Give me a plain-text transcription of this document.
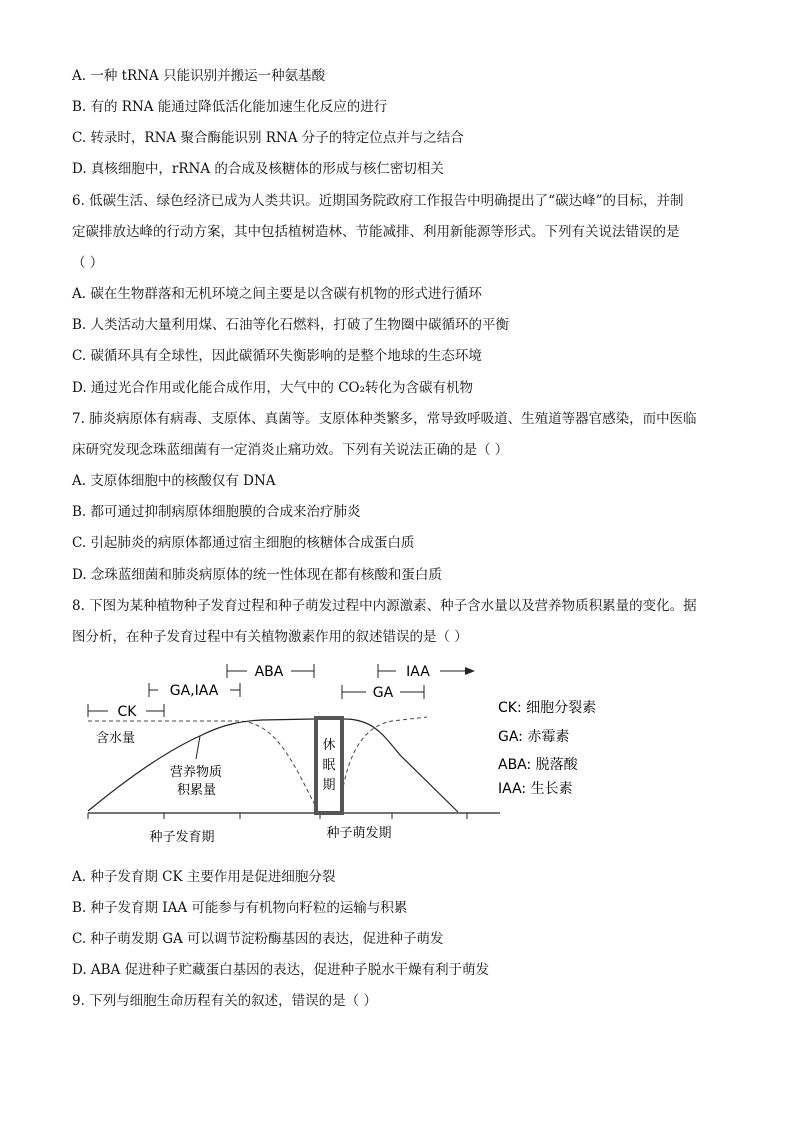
A. 一种 tRNA 只能识别并搬运一种氨基酸
B. 有的 RNA 能通过降低活化能加速生化反应的进行
C. 转录时，RNA 聚合酶能识别 RNA 分子的特定位点并与之结合
D. 真核细胞中，rRNA 的合成及核糖体的形成与核仁密切相关
6. 低碳生活、绿色经济已成为人类共识。近期国务院政府工作报告中明确提出了“碳达峰”的目标，并制
定碳排放达峰的行动方案，其中包括植树造林、节能减排、利用新能源等形式。下列有关说法错误的是
（ ）
A. 碳在生物群落和无机环境之间主要是以含碳有机物的形式进行循环
B. 人类活动大量利用煤、石油等化石燃料，打破了生物圈中碳循环的平衡
C. 碳循环具有全球性，因此碳循环失衡影响的是整个地球的生态环境
D. 通过光合作用或化能合成作用，大气中的 CO₂转化为含碳有机物
7. 肺炎病原体有病毒、支原体、真菌等。支原体种类繁多，常导致呼吸道、生殖道等器官感染，而中医临
床研究发现念珠蓝细菌有一定消炎止痛功效。下列有关说法正确的是（ ）
A. 支原体细胞中的核酸仅有 DNA
B. 都可通过抑制病原体细胞膜的合成来治疗肺炎
C. 引起肺炎的病原体都通过宿主细胞的核糖体合成蛋白质
D. 念珠蓝细菌和肺炎病原体的统一性体现在都有核酸和蛋白质
8. 下图为某种植物种子发育过程和种子萌发过程中内源激素、种子含水量以及营养物质积累量的变化。据
图分析，在种子发育过程中有关植物激素作用的叙述错误的是（ ）
A. 种子发育期 CK 主要作用是促进细胞分裂
B. 种子发育期 IAA 可能参与有机物向籽粒的运输与积累
C. 种子萌发期 GA 可以调节淀粉酶基因的表达，促进种子萌发
D. ABA 促进种子贮藏蛋白基因的表达，促进种子脱水干燥有利于萌发
9. 下列与细胞生命历程有关的叙述，错误的是（ ）
CK
GA,IAA
ABA
GA
IAA
休
眠
期
含水量
营养物质
积累量
种子发育期	种子萌发期
CK: 细胞分裂素
GA: 赤霉素
ABA: 脱落酸
IAA: 生长素
